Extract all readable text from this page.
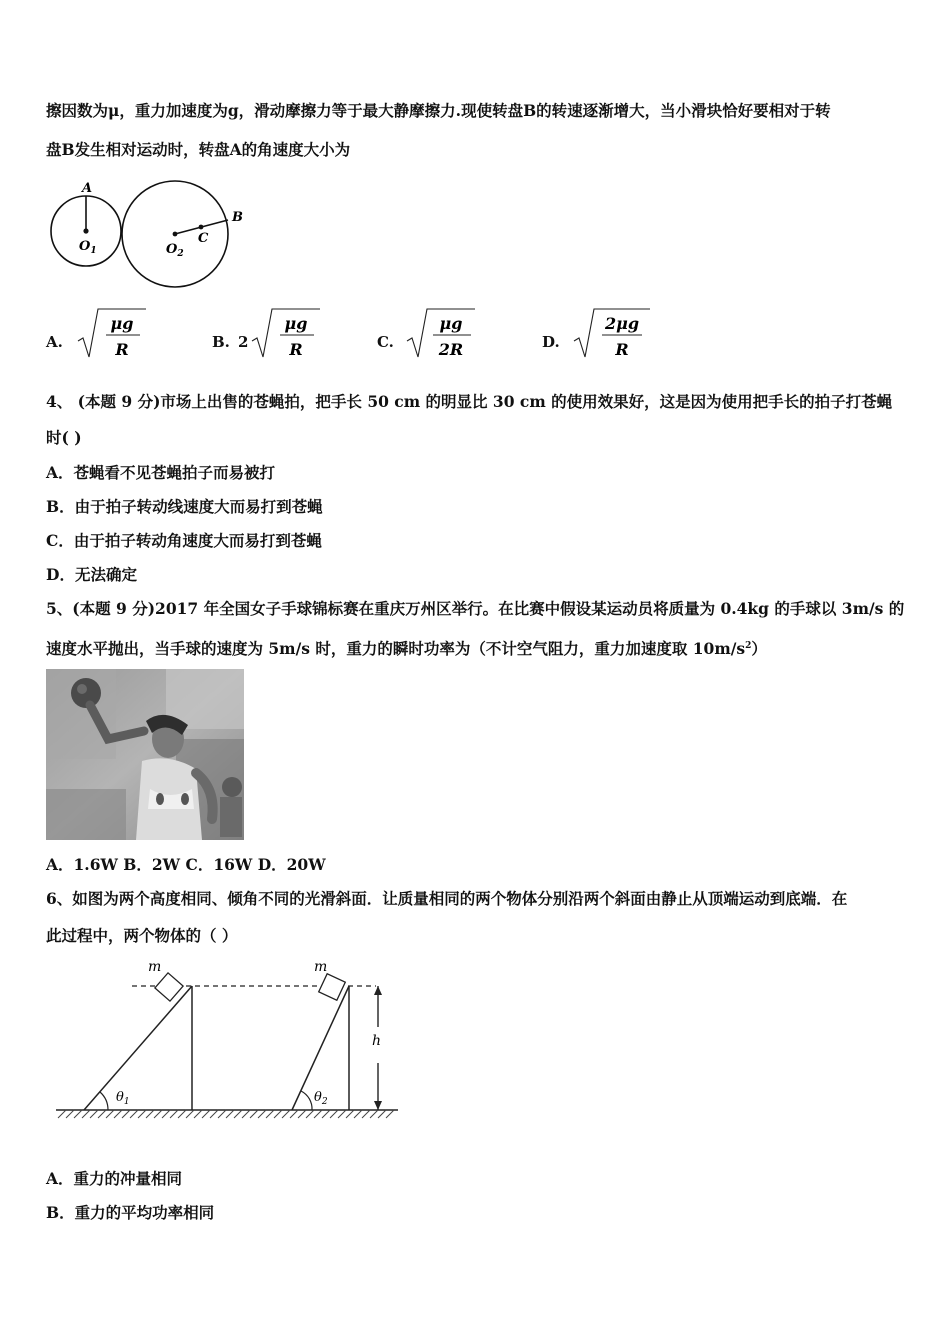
擦因数为μ，重力加速度为g，滑动摩擦力等于最大静摩擦力.现使转盘B的转速逐渐增大，当小滑块恰好要相对于转
盘B发生相对运动时，转盘A的角速度大小为
A
$O_1$	$O_2$
C
B
A.
μg
R	B. 2
μg
R	C.
μg
2R	D.
2μg
R
4、 (本题 9 分)市场上出售的苍蝇拍，把手长 50 cm 的明显比 30 cm 的使用效果好，这是因为使用把手长的拍子打苍蝇
时( )
A．苍蝇看不见苍蝇拍子而易被打
B．由于拍子转动线速度大而易打到苍蝇
C．由于拍子转动角速度大而易打到苍蝇
D．无法确定
5、(本题 9 分)2017 年全国女子手球锦标赛在重庆万州区举行。在比赛中假设某运动员将质量为 0.4kg 的手球以 3m/s 的
速度水平抛出，当手球的速度为 5m/s 时，重力的瞬时功率为（不计空气阻力，重力加速度取 $10m/s^2$）
A．1.6W B．2W C．16W D．20W
6、如图为两个高度相同、倾角不同的光滑斜面．让质量相同的两个物体分别沿两个斜面由静止从顶端运动到底端．在
此过程中，两个物体的（ ）
m	m
h
$\theta_1$	$\theta_2$
A．重力的冲量相同
B．重力的平均功率相同
